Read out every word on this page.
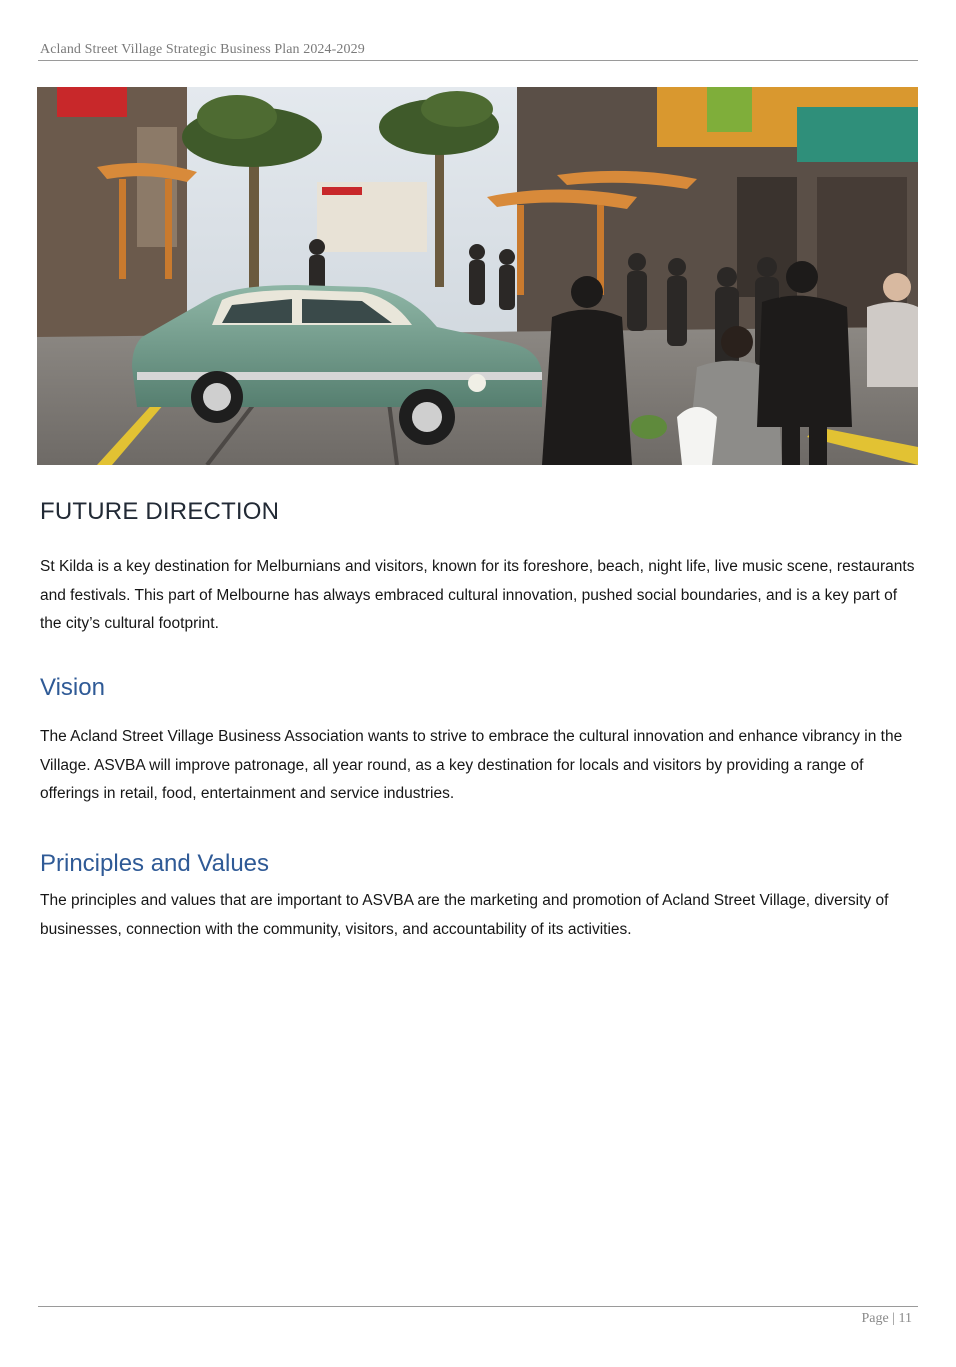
Acland Street Village Strategic Business Plan 2024-2029
FUTURE DIRECTION

St Kilda is a key destination for Melburnians and visitors, known for its foreshore, beach, night life, live music scene, restaurants and festivals. This part of Melbourne has always embraced cultural innovation, pushed social boundaries, and is a key part of the city’s cultural footprint.

Vision

The Acland Street Village Business Association wants to strive to embrace the cultural innovation and enhance vibrancy in the Village. ASVBA will improve patronage, all year round, as a key destination for locals and visitors by providing a range of offerings in retail, food, entertainment and service industries.

Principles and Values

The principles and values that are important to ASVBA are the marketing and promotion of Acland Street Village, diversity of businesses, connection with the community, visitors, and accountability of its activities.

Page | 11
